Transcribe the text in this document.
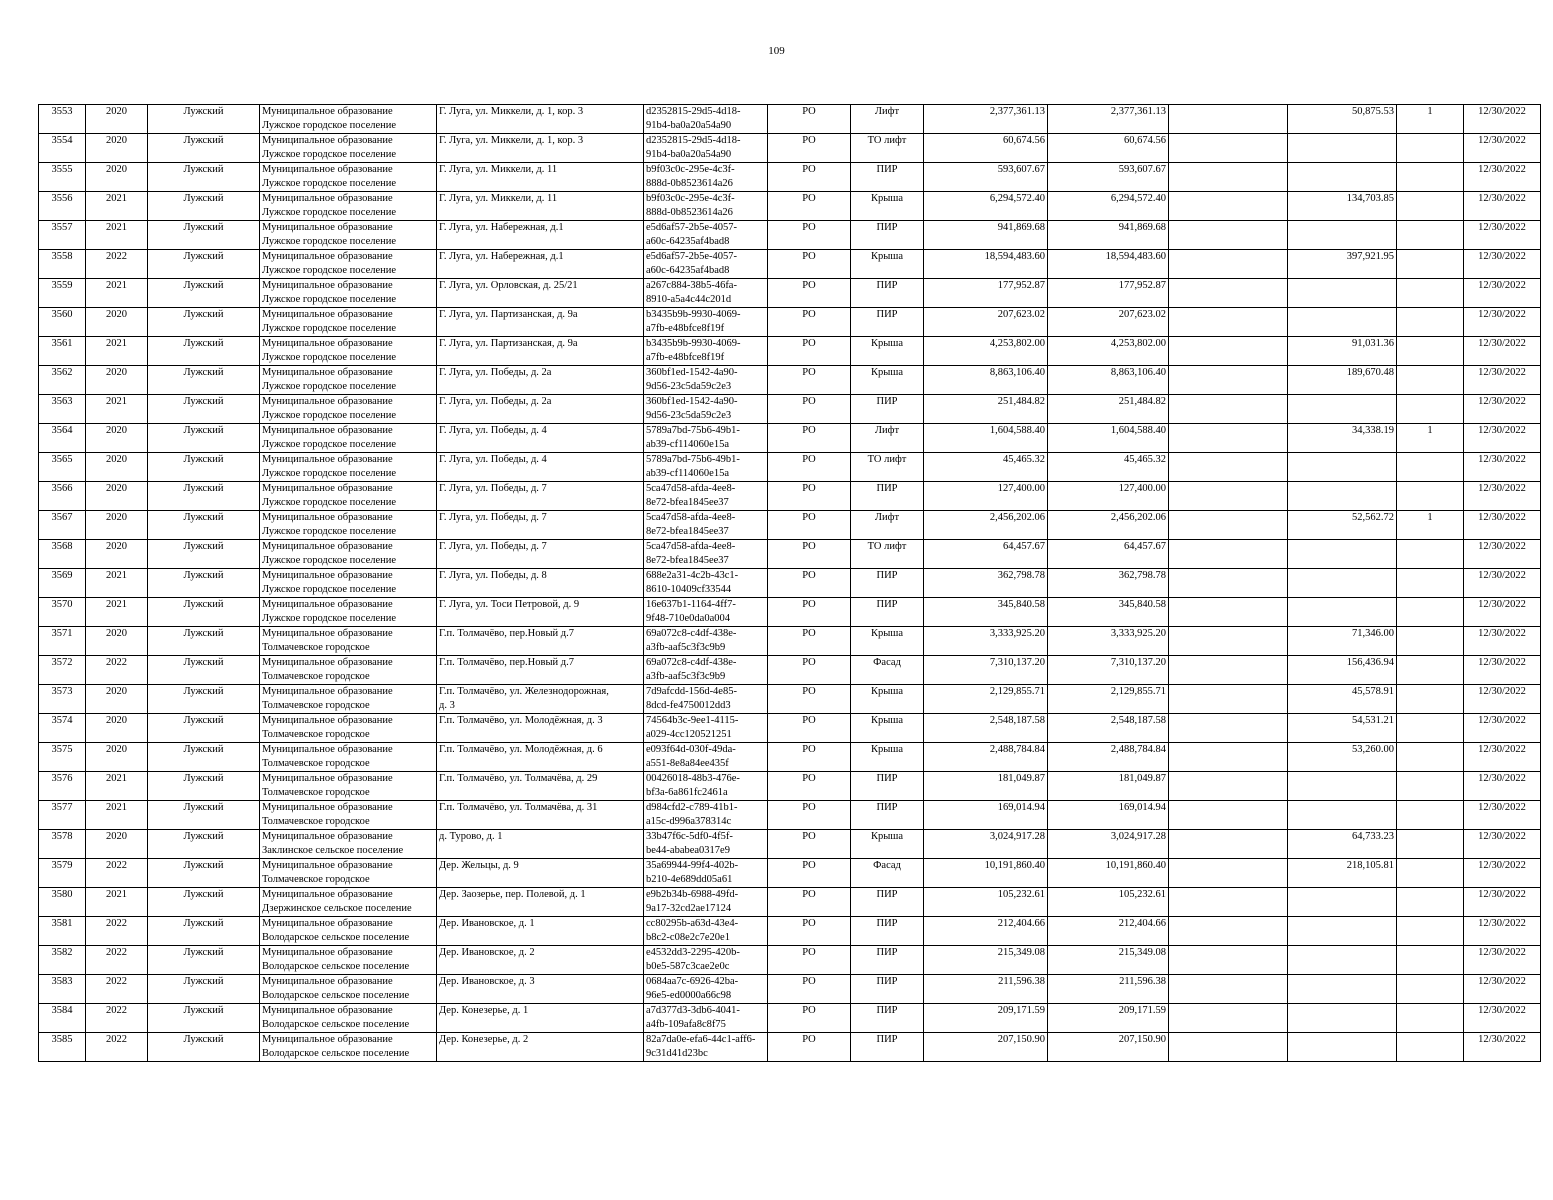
109
3553	2020	Лужский	Муниципальное образование
Лужское городское поселение	Г. Луга, ул. Миккели, д. 1, кор. 3	d2352815-29d5-4d18-
91b4-ba0a20a54a90	РО	Лифт	2,377,361.13	2,377,361.13		50,875.53	1	12/30/2022
3554	2020	Лужский	Муниципальное образование
Лужское городское поселение	Г. Луга, ул. Миккели, д. 1, кор. 3	d2352815-29d5-4d18-
91b4-ba0a20a54a90	РО	ТО лифт	60,674.56	60,674.56				12/30/2022
3555	2020	Лужский	Муниципальное образование
Лужское городское поселение	Г. Луга, ул. Миккели, д. 11	b9f03c0c-295e-4c3f-
888d-0b8523614a26	РО	ПИР	593,607.67	593,607.67				12/30/2022
3556	2021	Лужский	Муниципальное образование
Лужское городское поселение	Г. Луга, ул. Миккели, д. 11	b9f03c0c-295e-4c3f-
888d-0b8523614a26	РО	Крыша	6,294,572.40	6,294,572.40		134,703.85		12/30/2022
3557	2021	Лужский	Муниципальное образование
Лужское городское поселение	Г. Луга, ул. Набережная, д.1	e5d6af57-2b5e-4057-
a60c-64235af4bad8	РО	ПИР	941,869.68	941,869.68				12/30/2022
3558	2022	Лужский	Муниципальное образование
Лужское городское поселение	Г. Луга, ул. Набережная, д.1	e5d6af57-2b5e-4057-
a60c-64235af4bad8	РО	Крыша	18,594,483.60	18,594,483.60		397,921.95		12/30/2022
3559	2021	Лужский	Муниципальное образование
Лужское городское поселение	Г. Луга, ул. Орловская, д. 25/21	a267c884-38b5-46fa-
8910-a5a4c44c201d	РО	ПИР	177,952.87	177,952.87				12/30/2022
3560	2020	Лужский	Муниципальное образование
Лужское городское поселение	Г. Луга, ул. Партизанская, д. 9а	b3435b9b-9930-4069-
a7fb-e48bfce8f19f	РО	ПИР	207,623.02	207,623.02				12/30/2022
3561	2021	Лужский	Муниципальное образование
Лужское городское поселение	Г. Луга, ул. Партизанская, д. 9а	b3435b9b-9930-4069-
a7fb-e48bfce8f19f	РО	Крыша	4,253,802.00	4,253,802.00		91,031.36		12/30/2022
3562	2020	Лужский	Муниципальное образование
Лужское городское поселение	Г. Луга, ул. Победы, д. 2а	360bf1ed-1542-4a90-
9d56-23c5da59c2e3	РО	Крыша	8,863,106.40	8,863,106.40		189,670.48		12/30/2022
3563	2021	Лужский	Муниципальное образование
Лужское городское поселение	Г. Луга, ул. Победы, д. 2а	360bf1ed-1542-4a90-
9d56-23c5da59c2e3	РО	ПИР	251,484.82	251,484.82				12/30/2022
3564	2020	Лужский	Муниципальное образование
Лужское городское поселение	Г. Луга, ул. Победы, д. 4	5789a7bd-75b6-49b1-
ab39-cf114060e15a	РО	Лифт	1,604,588.40	1,604,588.40		34,338.19	1	12/30/2022
3565	2020	Лужский	Муниципальное образование
Лужское городское поселение	Г. Луга, ул. Победы, д. 4	5789a7bd-75b6-49b1-
ab39-cf114060e15a	РО	ТО лифт	45,465.32	45,465.32				12/30/2022
3566	2020	Лужский	Муниципальное образование
Лужское городское поселение	Г. Луга, ул. Победы, д. 7	5ca47d58-afda-4ee8-
8e72-bfea1845ee37	РО	ПИР	127,400.00	127,400.00				12/30/2022
3567	2020	Лужский	Муниципальное образование
Лужское городское поселение	Г. Луга, ул. Победы, д. 7	5ca47d58-afda-4ee8-
8e72-bfea1845ee37	РО	Лифт	2,456,202.06	2,456,202.06		52,562.72	1	12/30/2022
3568	2020	Лужский	Муниципальное образование
Лужское городское поселение	Г. Луга, ул. Победы, д. 7	5ca47d58-afda-4ee8-
8e72-bfea1845ee37	РО	ТО лифт	64,457.67	64,457.67				12/30/2022
3569	2021	Лужский	Муниципальное образование
Лужское городское поселение	Г. Луга, ул. Победы, д. 8	688e2a31-4c2b-43c1-
8610-10409cf33544	РО	ПИР	362,798.78	362,798.78				12/30/2022
3570	2021	Лужский	Муниципальное образование
Лужское городское поселение	Г. Луга, ул. Тоси Петровой, д. 9	16e637b1-1164-4ff7-
9f48-710e0da0a004	РО	ПИР	345,840.58	345,840.58				12/30/2022
3571	2020	Лужский	Муниципальное образование
Толмачевское городское	Г.п. Толмачёво, пер.Новый д.7	69a072c8-c4df-438e-
a3fb-aaf5c3f3c9b9	РО	Крыша	3,333,925.20	3,333,925.20		71,346.00		12/30/2022
3572	2022	Лужский	Муниципальное образование
Толмачевское городское	Г.п. Толмачёво, пер.Новый д.7	69a072c8-c4df-438e-
a3fb-aaf5c3f3c9b9	РО	Фасад	7,310,137.20	7,310,137.20		156,436.94		12/30/2022
3573	2020	Лужский	Муниципальное образование
Толмачевское городское	Г.п. Толмачёво, ул. Железнодорожная,
д. 3	7d9afcdd-156d-4e85-
8dcd-fe4750012dd3	РО	Крыша	2,129,855.71	2,129,855.71		45,578.91		12/30/2022
3574	2020	Лужский	Муниципальное образование
Толмачевское городское	Г.п. Толмачёво, ул. Молодёжная, д. 3	74564b3c-9ee1-4115-
a029-4cc120521251	РО	Крыша	2,548,187.58	2,548,187.58		54,531.21		12/30/2022
3575	2020	Лужский	Муниципальное образование
Толмачевское городское	Г.п. Толмачёво, ул. Молодёжная, д. 6	e093f64d-030f-49da-
a551-8e8a84ee435f	РО	Крыша	2,488,784.84	2,488,784.84		53,260.00		12/30/2022
3576	2021	Лужский	Муниципальное образование
Толмачевское городское	Г.п. Толмачёво, ул. Толмачёва, д. 29	00426018-48b3-476e-
bf3a-6a861fc2461a	РО	ПИР	181,049.87	181,049.87				12/30/2022
3577	2021	Лужский	Муниципальное образование
Толмачевское городское	Г.п. Толмачёво, ул. Толмачёва, д. 31	d984cfd2-c789-41b1-
a15c-d996a378314c	РО	ПИР	169,014.94	169,014.94				12/30/2022
3578	2020	Лужский	Муниципальное образование
Заклинское сельское поселение	д. Турово, д. 1	33b47f6c-5df0-4f5f-
be44-ababea0317e9	РО	Крыша	3,024,917.28	3,024,917.28		64,733.23		12/30/2022
3579	2022	Лужский	Муниципальное образование
Толмачевское городское	Дер. Жельцы, д. 9	35a69944-99f4-402b-
b210-4e689dd05a61	РО	Фасад	10,191,860.40	10,191,860.40		218,105.81		12/30/2022
3580	2021	Лужский	Муниципальное образование
Дзержинское сельское поселение	Дер. Заозерье, пер. Полевой, д. 1	e9b2b34b-6988-49fd-
9a17-32cd2ae17124	РО	ПИР	105,232.61	105,232.61				12/30/2022
3581	2022	Лужский	Муниципальное образование
Володарское сельское поселение	Дер. Ивановское, д. 1	cc80295b-a63d-43e4-
b8c2-c08e2c7e20e1	РО	ПИР	212,404.66	212,404.66				12/30/2022
3582	2022	Лужский	Муниципальное образование
Володарское сельское поселение	Дер. Ивановское, д. 2	e4532dd3-2295-420b-
b0e5-587c3cae2e0c	РО	ПИР	215,349.08	215,349.08				12/30/2022
3583	2022	Лужский	Муниципальное образование
Володарское сельское поселение	Дер. Ивановское, д. 3	0684aa7c-6926-42ba-
96e5-ed0000a66c98	РО	ПИР	211,596.38	211,596.38				12/30/2022
3584	2022	Лужский	Муниципальное образование
Володарское сельское поселение	Дер. Конезерье, д. 1	a7d377d3-3db6-4041-
a4fb-109afa8c8f75	РО	ПИР	209,171.59	209,171.59				12/30/2022
3585	2022	Лужский	Муниципальное образование
Володарское сельское поселение	Дер. Конезерье, д. 2	82a7da0e-efa6-44c1-aff6-
9c31d41d23bc	РО	ПИР	207,150.90	207,150.90				12/30/2022
